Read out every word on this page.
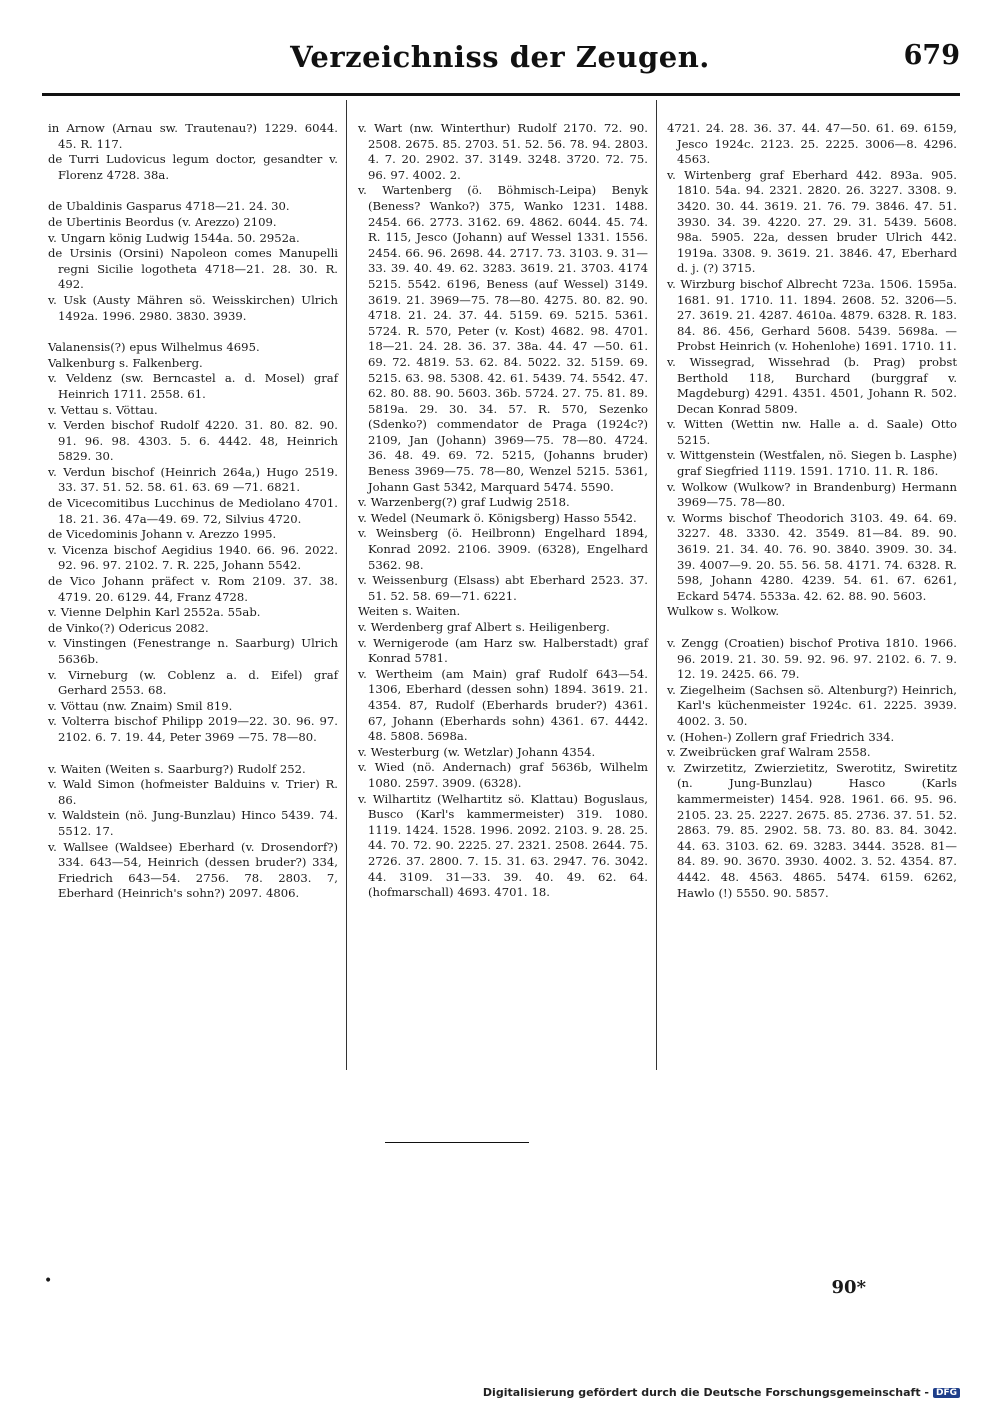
Verzeichniss der Zeugen.	679

in Arnow (Arnau sw. Trautenau?) 1229. 6044. 45. R. 117.

de Turri Ludovicus legum doctor, gesandter v. Florenz 4728. 38a.

de Ubaldinis Gasparus 4718—21. 24. 30.

de Ubertinis Beordus (v. Arezzo) 2109.

v. Ungarn könig Ludwig 1544a. 50. 2952a.

de Ursinis (Orsini) Napoleon comes Manupelli regni Sicilie logotheta 4718—21. 28. 30. R. 492.

v. Usk (Austy Mähren sö. Weisskirchen) Ulrich 1492a. 1996. 2980. 3830. 3939.

Valanensis(?) epus Wilhelmus 4695.

Valkenburg s. Falkenberg.

v. Veldenz (sw. Berncastel a. d. Mosel) graf Heinrich 1711. 2558. 61.

v. Vettau s. Vöttau.

v. Verden bischof Rudolf 4220. 31. 80. 82. 90. 91. 96. 98. 4303. 5. 6. 4442. 48, Heinrich 5829. 30.

v. Verdun bischof (Heinrich 264a,) Hugo 2519. 33. 37. 51. 52. 58. 61. 63. 69 —71. 6821.

de Vicecomitibus Lucchinus de Mediolano 4701. 18. 21. 36. 47a—49. 69. 72, Silvius 4720.

de Vicedominis Johann v. Arezzo 1995.

v. Vicenza bischof Aegidius 1940. 66. 96. 2022. 92. 96. 97. 2102. 7. R. 225, Johann 5542.

de Vico Johann präfect v. Rom 2109. 37. 38. 4719. 20. 6129. 44, Franz 4728.

v. Vienne Delphin Karl 2552a. 55ab.

de Vinko(?) Odericus 2082.

v. Vinstingen (Fenestrange n. Saarburg) Ulrich 5636b.

v. Virneburg (w. Coblenz a. d. Eifel) graf Gerhard 2553. 68.

v. Vöttau (nw. Znaim) Smil 819.

v. Volterra bischof Philipp 2019—22. 30. 96. 97. 2102. 6. 7. 19. 44, Peter 3969 —75. 78—80.

v. Waiten (Weiten s. Saarburg?) Rudolf 252.

v. Wald Simon (hofmeister Balduins v. Trier) R. 86.

v. Waldstein (nö. Jung-Bunzlau) Hinco 5439. 74. 5512. 17.

v. Wallsee (Waldsee) Eberhard (v. Drosendorf?) 334. 643—54, Heinrich (dessen bruder?) 334, Friedrich 643—54. 2756. 78. 2803. 7, Eberhard (Heinrich's sohn?) 2097. 4806.

v. Wart (nw. Winterthur) Rudolf 2170. 72. 90. 2508. 2675. 85. 2703. 51. 52. 56. 78. 94. 2803. 4. 7. 20. 2902. 37. 3149. 3248. 3720. 72. 75. 96. 97. 4002. 2.

v. Wartenberg (ö. Böhmisch-Leipa) Benyk (Beness? Wanko?) 375, Wanko 1231. 1488. 2454. 66. 2773. 3162. 69. 4862. 6044. 45. 74. R. 115, Jesco (Johann) auf Wessel 1331. 1556. 2454. 66. 96. 2698. 44. 2717. 73. 3103. 9. 31—33. 39. 40. 49. 62. 3283. 3619. 21. 3703. 4174 5215. 5542. 6196, Beness (auf Wessel) 3149. 3619. 21. 3969—75. 78—80. 4275. 80. 82. 90. 4718. 21. 24. 37. 44. 5159. 69. 5215. 5361. 5724. R. 570, Peter (v. Kost) 4682. 98. 4701. 18—21. 24. 28. 36. 37. 38a. 44. 47 —50. 61. 69. 72. 4819. 53. 62. 84. 5022. 32. 5159. 69. 5215. 63. 98. 5308. 42. 61. 5439. 74. 5542. 47. 62. 80. 88. 90. 5603. 36b. 5724. 27. 75. 81. 89. 5819a. 29. 30. 34. 57. R. 570, Sezenko (Sdenko?) commendator de Praga (1924c?) 2109, Jan (Johann) 3969—75. 78—80. 4724. 36. 48. 49. 69. 72. 5215, (Johanns bruder) Beness 3969—75. 78—80, Wenzel 5215. 5361, Johann Gast 5342, Marquard 5474. 5590.

v. Warzenberg(?) graf Ludwig 2518.

v. Wedel (Neumark ö. Königsberg) Hasso 5542.

v. Weinsberg (ö. Heilbronn) Engelhard 1894, Konrad 2092. 2106. 3909. (6328), Engelhard 5362. 98.

v. Weissenburg (Elsass) abt Eberhard 2523. 37. 51. 52. 58. 69—71. 6221.

Weiten s. Waiten.

v. Werdenberg graf Albert s. Heiligenberg.

v. Wernigerode (am Harz sw. Halberstadt) graf Konrad 5781.

v. Wertheim (am Main) graf Rudolf 643—54. 1306, Eberhard (dessen sohn) 1894. 3619. 21. 4354. 87, Rudolf (Eberhards bruder?) 4361. 67, Johann (Eberhards sohn) 4361. 67. 4442. 48. 5808. 5698a.

v. Westerburg (w. Wetzlar) Johann 4354.

v. Wied (nö. Andernach) graf 5636b, Wilhelm 1080. 2597. 3909. (6328).

v. Wilhartitz (Welhartitz sö. Klattau) Boguslaus, Busco (Karl's kammermeister) 319. 1080. 1119. 1424. 1528. 1996. 2092. 2103. 9. 28. 25. 44. 70. 72. 90. 2225. 27. 2321. 2508. 2644. 75. 2726. 37. 2800. 7. 15. 31. 63. 2947. 76. 3042. 44. 3109. 31—33. 39. 40. 49. 62. 64. (hofmarschall) 4693. 4701. 18.

4721. 24. 28. 36. 37. 44. 47—50. 61. 69. 6159, Jesco 1924c. 2123. 25. 2225. 3006—8. 4296. 4563.

v. Wirtenberg graf Eberhard 442. 893a. 905. 1810. 54a. 94. 2321. 2820. 26. 3227. 3308. 9. 3420. 30. 44. 3619. 21. 76. 79. 3846. 47. 51. 3930. 34. 39. 4220. 27. 29. 31. 5439. 5608. 98a. 5905. 22a, dessen bruder Ulrich 442. 1919a. 3308. 9. 3619. 21. 3846. 47, Eberhard d. j. (?) 3715.

v. Wirzburg bischof Albrecht 723a. 1506. 1595a. 1681. 91. 1710. 11. 1894. 2608. 52. 3206—5. 27. 3619. 21. 4287. 4610a. 4879. 6328. R. 183. 84. 86. 456, Gerhard 5608. 5439. 5698a. — Probst Heinrich (v. Hohenlohe) 1691. 1710. 11.

v. Wissegrad, Wissehrad (b. Prag) probst Berthold 118, Burchard (burggraf v. Magdeburg) 4291. 4351. 4501, Johann R. 502. Decan Konrad 5809.

v. Witten (Wettin nw. Halle a. d. Saale) Otto 5215.

v. Wittgenstein (Westfalen, nö. Siegen b. Lasphe) graf Siegfried 1119. 1591. 1710. 11. R. 186.

v. Wolkow (Wulkow? in Brandenburg) Hermann 3969—75. 78—80.

v. Worms bischof Theodorich 3103. 49. 64. 69. 3227. 48. 3330. 42. 3549. 81—84. 89. 90. 3619. 21. 34. 40. 76. 90. 3840. 3909. 30. 34. 39. 4007—9. 20. 55. 56. 58. 4171. 74. 6328. R. 598, Johann 4280. 4239. 54. 61. 67. 6261, Eckard 5474. 5533a. 42. 62. 88. 90. 5603.

Wulkow s. Wolkow.

v. Zengg (Croatien) bischof Protiva 1810. 1966. 96. 2019. 21. 30. 59. 92. 96. 97. 2102. 6. 7. 9. 12. 19. 2425. 66. 79.

v. Ziegelheim (Sachsen sö. Altenburg?) Heinrich, Karl's küchenmeister 1924c. 61. 2225. 3939. 4002. 3. 50.

v. (Hohen-) Zollern graf Friedrich 334.

v. Zweibrücken graf Walram 2558.

v. Zwirzetitz, Zwierzietitz, Swerotitz, Swiretitz (n. Jung-Bunzlau) Hasco (Karls kammermeister) 1454. 928. 1961. 66. 95. 96. 2105. 23. 25. 2227. 2675. 85. 2736. 37. 51. 52. 2863. 79. 85. 2902. 58. 73. 80. 83. 84. 3042. 44. 63. 3103. 62. 69. 3283. 3444. 3528. 81—84. 89. 90. 3670. 3930. 4002. 3. 52. 4354. 87. 4442. 48. 4563. 4865. 5474. 6159. 6262, Hawlo (!) 5550. 90. 5857.

•	90*
Digitalisierung gefördert durch die Deutsche Forschungsgemeinschaft - DFG
